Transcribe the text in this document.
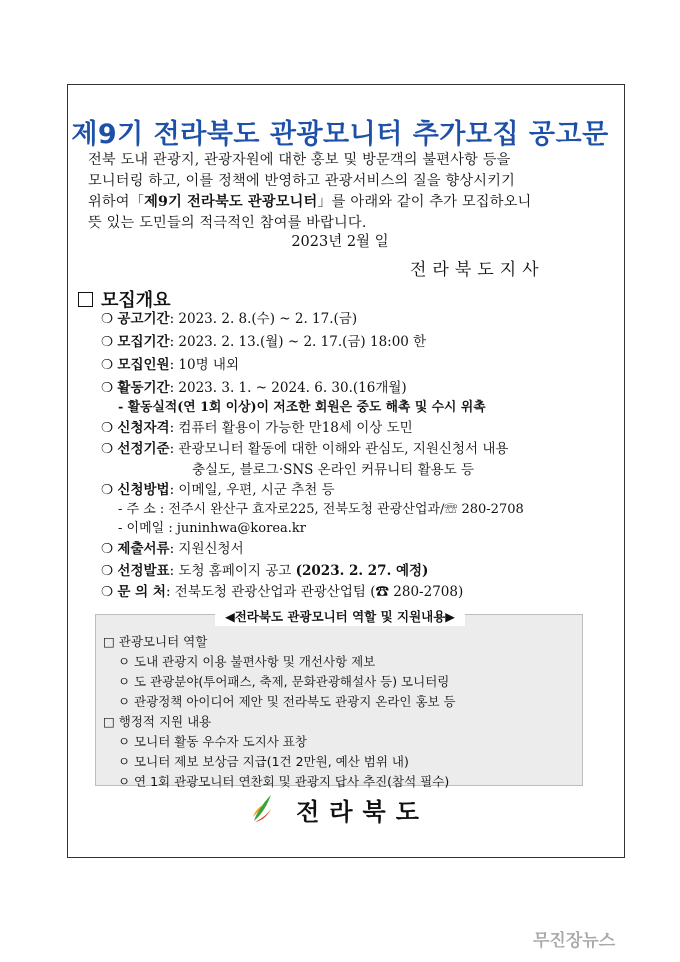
제9기 전라북도 관광모니터 추가모집 공고문

전북 도내 관광지, 관광자원에 대한 홍보 및 방문객의 불편사항 등을

모니터링 하고, 이를 정책에 반영하고 관광서비스의 질을 향상시키기

위하여「제9기 전라북도 관광모니터」를 아래와 같이 추가 모집하오니

뜻 있는 도민들의 적극적인 참여를 바랍니다.

2023년 2월 일
전라북도지사
모집개요
❍ 공고기간: 2023. 2. 8.(수) ~ 2. 17.(금)
❍ 모집기간: 2023. 2. 13.(월) ~ 2. 17.(금) 18:00 한
❍ 모집인원: 10명 내외
❍ 활동기간: 2023. 3. 1. ~ 2024. 6. 30.(16개월)
- 활동실적(연 1회 이상)이 저조한 회원은 중도 해촉 및 수시 위촉
❍ 신청자격: 컴퓨터 활용이 가능한 만18세 이상 도민
❍ 선정기준: 관광모니터 활동에 대한 이해와 관심도, 지원신청서 내용
충실도, 블로그·SNS 온라인 커뮤니티 활용도 등
❍ 신청방법: 이메일, 우편, 시군 추천 등
- 주 소 : 전주시 완산구 효자로225, 전북도청 관광산업과/☏ 280-2708
- 이메일 : juninhwa@korea.kr
❍ 제출서류: 지원신청서
❍ 선정발표: 도청 홈페이지 공고 (2023. 2. 27. 예정)
❍ 문 의 처: 전북도청 관광산업과 관광산업팀 (☎ 280-2708)
◀전라북도 관광모니터 역할 및 지원내용▶
□ 관광모니터 역할
ㅇ 도내 관광지 이용 불편사항 및 개선사항 제보
ㅇ 도 관광분야(투어패스, 축제, 문화관광해설사 등) 모니터링
ㅇ 관광정책 아이디어 제안 및 전라북도 관광지 온라인 홍보 등
□ 행정적 지원 내용
ㅇ 모니터 활동 우수자 도지사 표창
ㅇ 모니터 제보 보상금 지급(1건 2만원, 예산 범위 내)
ㅇ 연 1회 관광모니터 연찬회 및 관광지 답사 추진(참석 필수)
전라북도
무진장뉴스
